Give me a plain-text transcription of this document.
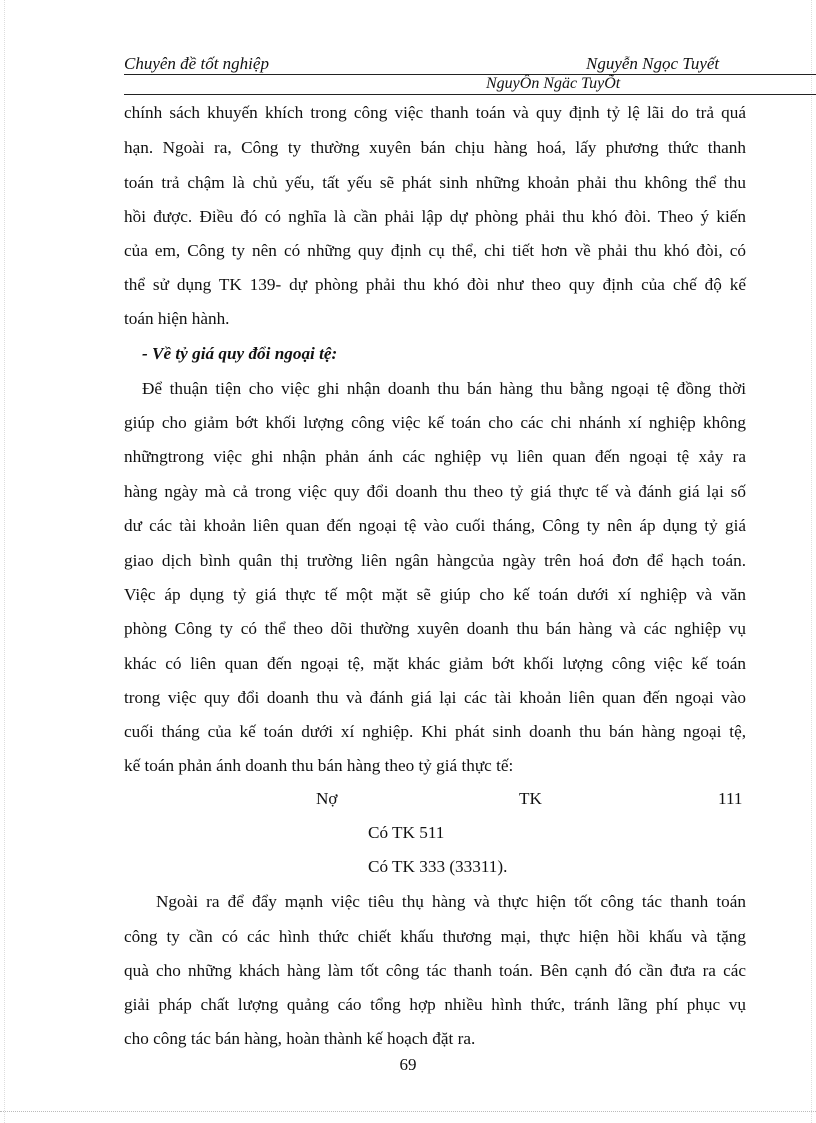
Chuyên đề tốt nghiệp	Nguyễn Ngọc Tuyết
NguyÔn Ngäc TuyÕt
chính sách khuyến khích trong công việc thanh toán và quy định tỷ lệ lãi do trả quá
hạn. Ngoài ra, Công ty thường xuyên bán chịu hàng hoá, lấy phương thức thanh
toán trả chậm là chủ yếu, tất yếu sẽ phát sinh những khoản phải thu không thể thu
hồi được. Điều đó có nghĩa là cần phải lập dự phòng phải thu khó đòi. Theo ý kiến
của em, Công ty nên có những quy định cụ thể, chi tiết hơn về phải thu khó đòi, có
thể sử dụng TK 139- dự phòng phải thu khó đòi như theo quy định của chế độ kế
toán hiện hành.
- Về tỷ giá quy đổi ngoại tệ:
Để thuận tiện cho việc ghi nhận doanh thu bán hàng thu bằng ngoại tệ đồng thời
giúp cho giảm bớt khối lượng công việc kế toán cho các chi nhánh xí nghiệp không
nhữngtrong việc ghi nhận phản ánh các nghiệp vụ liên quan đến ngoại tệ xảy ra
hàng ngày mà cả trong việc quy đổi doanh thu theo tỷ giá thực tế và đánh giá lại số
dư các tài khoản liên quan đến ngoại tệ vào cuối tháng, Công ty nên áp dụng tỷ giá
giao dịch bình quân thị trường liên ngân hàngcủa ngày trên hoá đơn để hạch toán.
Việc áp dụng tỷ giá thực tế một mặt sẽ giúp cho kế toán dưới xí nghiệp và văn
phòng Công ty có thể theo dõi thường xuyên doanh thu bán hàng và các nghiệp vụ
khác có liên quan đến ngoại tệ, mặt khác giảm bớt khối lượng công việc kế toán
trong việc quy đổi doanh thu và đánh giá lại các tài khoản liên quan đến ngoại vào
cuối tháng của kế toán dưới xí nghiệp. Khi phát sinh doanh thu bán hàng ngoại tệ,
kế toán phản ánh doanh thu bán hàng theo tỷ giá thực tế:
Nợ	TK	111
Có TK 511
Có TK 333 (33311).
Ngoài ra để đẩy mạnh việc tiêu thụ hàng và thực hiện tốt công tác thanh toán
công ty cần có các hình thức chiết khấu thương mại, thực hiện hồi khấu và tặng
quà cho những khách hàng làm tốt công tác thanh toán. Bên cạnh đó cần đưa ra các
giải pháp chất lượng quảng cáo tổng hợp nhiều hình thức, tránh lãng phí phục vụ
cho công tác bán hàng, hoàn thành kế hoạch đặt ra.
69
